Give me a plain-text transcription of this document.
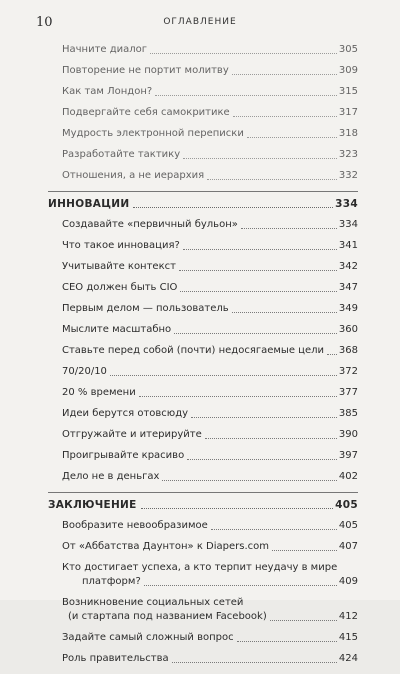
10	ОГЛАВЛЕНИЕ
Начните диалог	305
Повторение не портит молитву	309
Как там Лондон?	315
Подвергайте себя самокритике	317
Мудрость электронной переписки	318
Разработайте тактику	323
Отношения, а не иерархия	332
ИННОВАЦИИ	334
Создавайте «первичный бульон»	334
Что такое инновация?	341
Учитывайте контекст	342
CEO должен быть CIO	347
Первым делом — пользователь	349
Мыслите масштабно	360
Ставьте перед собой (почти) недосягаемые цели 368
70/20/10	372
20 % времени	377
Идеи берутся отовсюду	385
Отгружайте и итерируйте	390
Проигрывайте красиво	397
Дело не в деньгах	402
ЗАКЛЮЧЕНИЕ	405
Вообразите невообразимое	405
От «Аббатства Даунтон» к Diapers.com	407
Кто достигает успеха, а кто терпит неудачу в мире
платформ?	409
Возникновение социальных сетей
(и стартапа под названием Facebook)	412
Задайте самый сложный вопрос	415
Роль правительства	424
